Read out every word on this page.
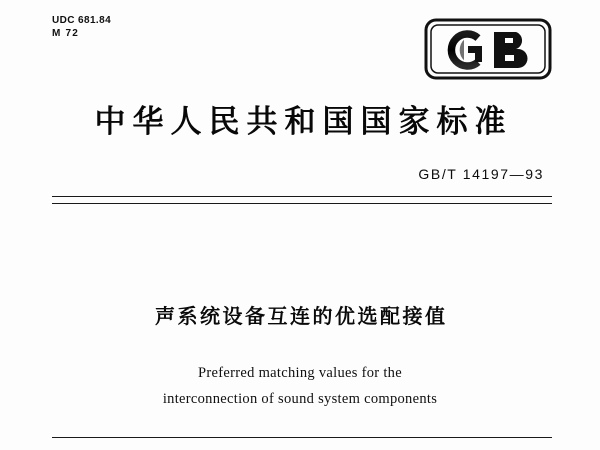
UDC 681.84
M 72
中华人民共和国国家标准
GB/T 14197—93
声系统设备互连的优选配接值
Preferred matching values for the
interconnection of sound system components
